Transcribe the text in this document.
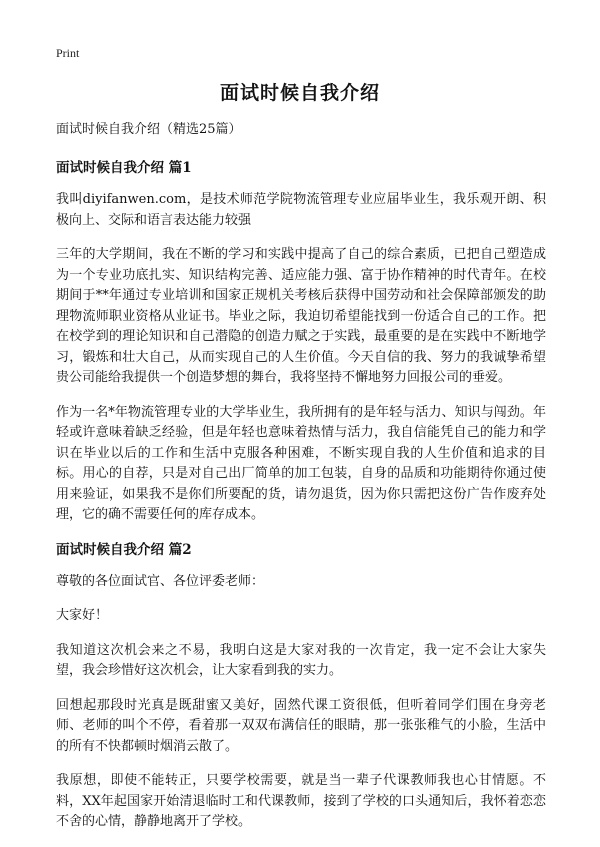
Print
面试时候自我介绍

面试时候自我介绍（精选25篇）

面试时候自我介绍 篇1

我叫diyifanwen.com，是技术师范学院物流管理专业应届毕业生，我乐观开朗、积极向上、交际和语言表达能力较强

三年的大学期间，我在不断的学习和实践中提高了自己的综合素质，已把自己塑造成为一个专业功底扎实、知识结构完善、适应能力强、富于协作精神的时代青年。在校期间于**年通过专业培训和国家正规机关考核后获得中国劳动和社会保障部颁发的助理物流师职业资格从业证书。毕业之际，我迫切希望能找到一份适合自己的工作。把在校学到的理论知识和自己潜隐的创造力赋之于实践，最重要的是在实践中不断地学习，锻炼和壮大自己，从而实现自己的人生价值。今天自信的我、努力的我诚挚希望贵公司能给我提供一个创造梦想的舞台，我将坚持不懈地努力回报公司的垂爱。

作为一名*年物流管理专业的大学毕业生，我所拥有的是年轻与活力、知识与闯劲。年轻或许意味着缺乏经验，但是年轻也意味着热情与活力，我自信能凭自己的能力和学识在毕业以后的工作和生活中克服各种困难，不断实现自我的人生价值和追求的目标。用心的自荐，只是对自己出厂简单的加工包装，自身的品质和功能期待你通过使用来验证，如果我不是你们所要配的货，请勿退货，因为你只需把这份广告作废弃处理，它的确不需要任何的库存成本。

面试时候自我介绍 篇2

尊敬的各位面试官、各位评委老师：

大家好！

我知道这次机会来之不易，我明白这是大家对我的一次肯定，我一定不会让大家失望，我会珍惜好这次机会，让大家看到我的实力。

回想起那段时光真是既甜蜜又美好，固然代课工资很低，但听着同学们围在身旁老师、老师的叫个不停，看着那一双双布满信任的眼睛，那一张张稚气的小脸，生活中的所有不快都顿时烟消云散了。

我原想，即使不能转正，只要学校需要，就是当一辈子代课教师我也心甘情愿。不料，XX年起国家开始清退临时工和代课教师，接到了学校的口头通知后，我怀着恋恋不舍的心情，静静地离开了学校。
